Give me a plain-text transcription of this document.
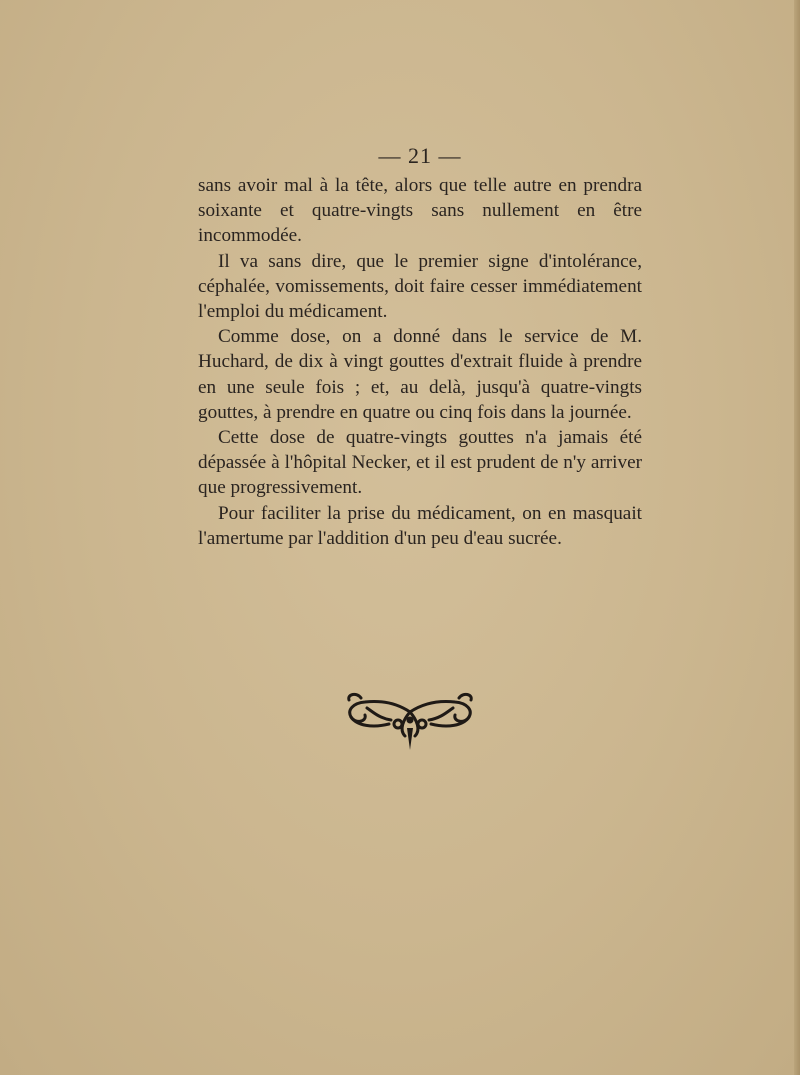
— 21 —

sans avoir mal à la tête, alors que telle autre en prendra soixante et quatre-vingts sans nullement en être incommodée.

Il va sans dire, que le premier signe d'intolérance, céphalée, vomissements, doit faire cesser immédiatement l'emploi du médicament.

Comme dose, on a donné dans le service de M. Huchard, de dix à vingt gouttes d'extrait fluide à prendre en une seule fois ; et, au delà, jusqu'à quatre-vingts gouttes, à prendre en quatre ou cinq fois dans la journée.

Cette dose de quatre-vingts gouttes n'a jamais été dépassée à l'hôpital Necker, et il est prudent de n'y arriver que progressivement.

Pour faciliter la prise du médicament, on en masquait l'amertume par l'addition d'un peu d'eau sucrée.
